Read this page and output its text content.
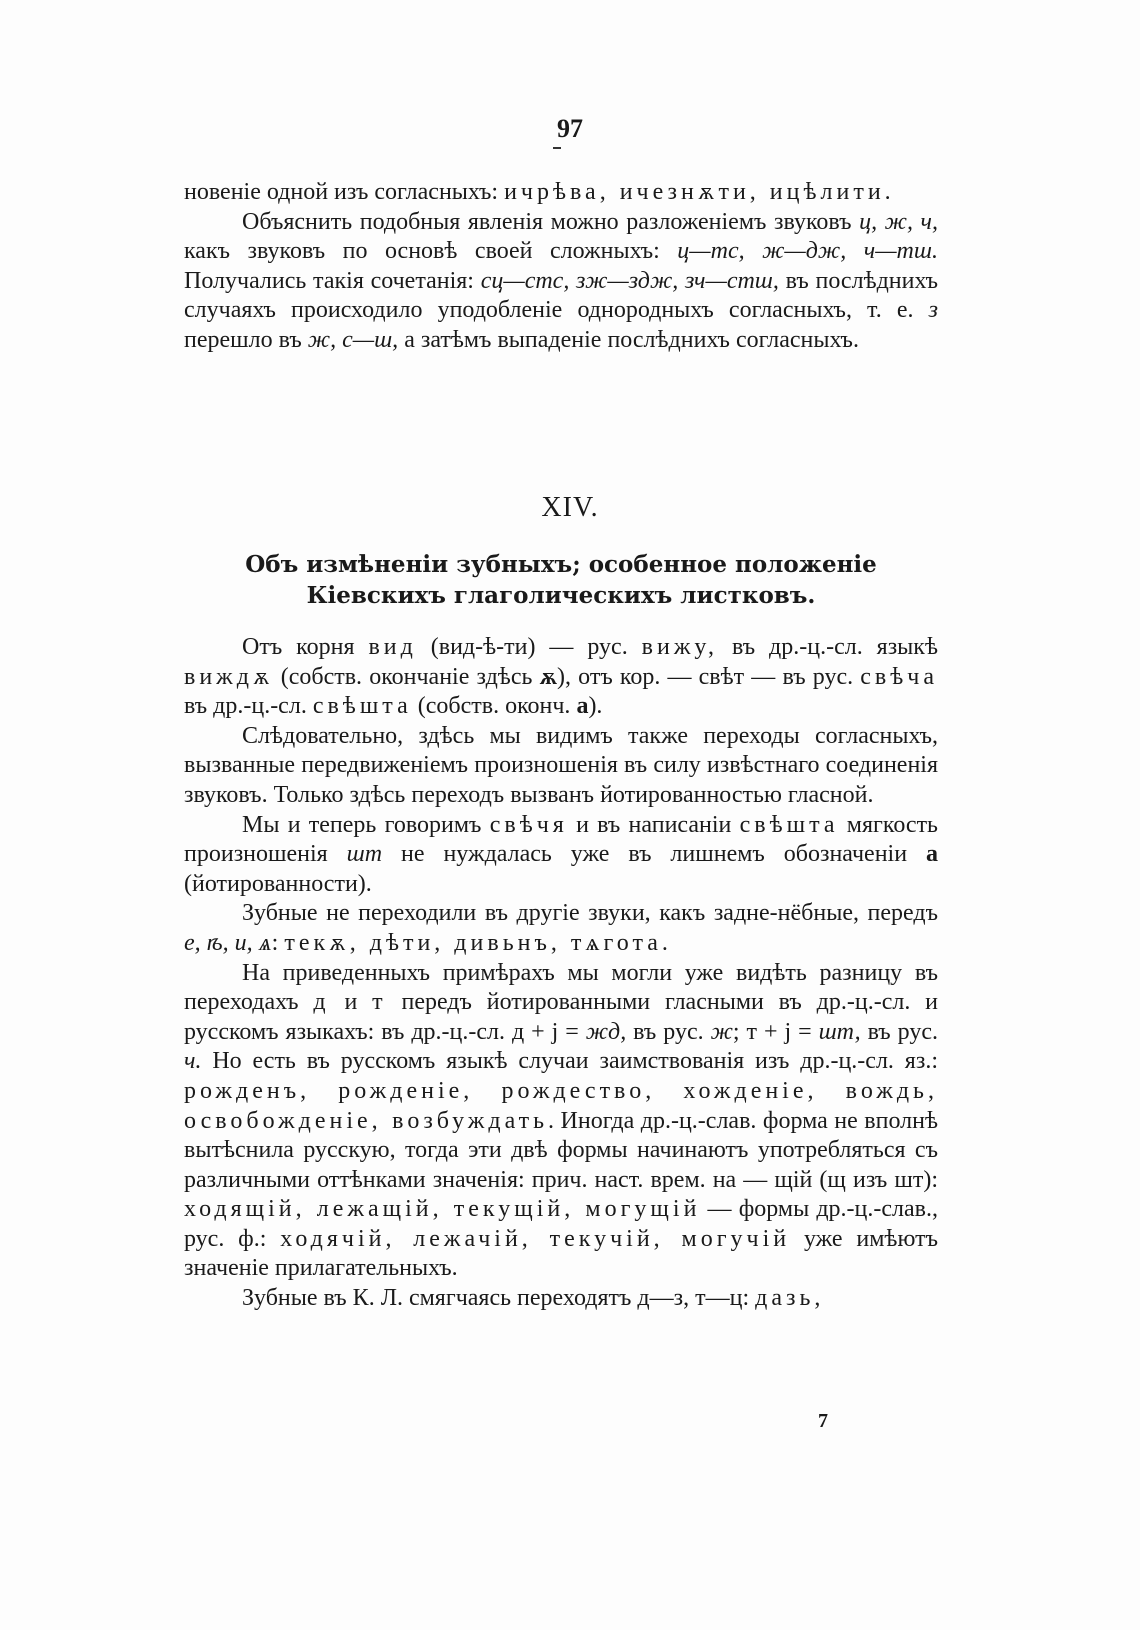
97

новеніе одной изъ согласныхъ: ичрѣва, ичезнѫти, ицѣлити.

Объяснить подобныя явленія можно разложеніемъ звуковъ ц, ж, ч, какъ звуковъ по основѣ своей сложныхъ: ц—тс, ж—дж, ч—тш. Получались такія сочетанія: сц—стс, зж—здж, зч—стш, въ послѣднихъ случаяхъ происходило уподобленіе однородныхъ согласныхъ, т. е. з перешло въ ж, с—ш, а затѣмъ выпаденіе послѣднихъ согласныхъ.

XIV.
Объ измѣненіи зубныхъ; особенное положеніе
Кіевскихъ глаголическихъ листковъ.

Отъ корня вид (вид-ѣ-ти) — рус. вижу, въ др.-ц.-сл. языкѣ виждѫ (собств. окончаніе здѣсь ѫ), отъ кор. — свѣт — въ рус. свѣча въ др.-ц.-сл. свѣшта (собств. оконч. а).

Слѣдовательно, здѣсь мы видимъ также переходы согласныхъ, вызванные передвиженіемъ произношенія въ силу извѣстнаго соединенія звуковъ. Только здѣсь переходъ вызванъ йотированностью гласной.

Мы и теперь говоримъ свѣчя и въ написаніи свѣшта мягкость произношенія шт не нуждалась уже въ лишнемъ обозначеніи а (йотированности).

Зубные не переходили въ другіе звуки, какъ задне-нёбные, передъ е, ѣ, и, ѧ: текѫ, дѣти, дивьнъ, тѧгота.

На приведенныхъ примѣрахъ мы могли уже видѣть разницу въ переходахъ д и т передъ йотированными гласными въ др.-ц.-сл. и русскомъ языкахъ: въ др.-ц.-сл. д + j = жд, въ рус. ж; т + j = шт, въ рус. ч. Но есть въ русскомъ языкѣ случаи заимствованія изъ др.-ц.-сл. яз.: рожденъ, рожденіе, рождество, хожденіе, вождь, освобожденіе, возбуждать. Иногда др.-ц.-слав. форма не вполнѣ вытѣснила русскую, тогда эти двѣ формы начинаютъ употребляться съ различными оттѣнками значенія: прич. наст. врем. на — щій (щ изъ шт): ходящій, лежащій, текущій, могущій — формы др.-ц.-слав., рус. ф.: ходячій, лежачій, текучій, могучій уже имѣютъ значеніе прилагательныхъ.

Зубные въ К. Л. смягчаясь переходятъ д—з, т—ц: дазь,

7
